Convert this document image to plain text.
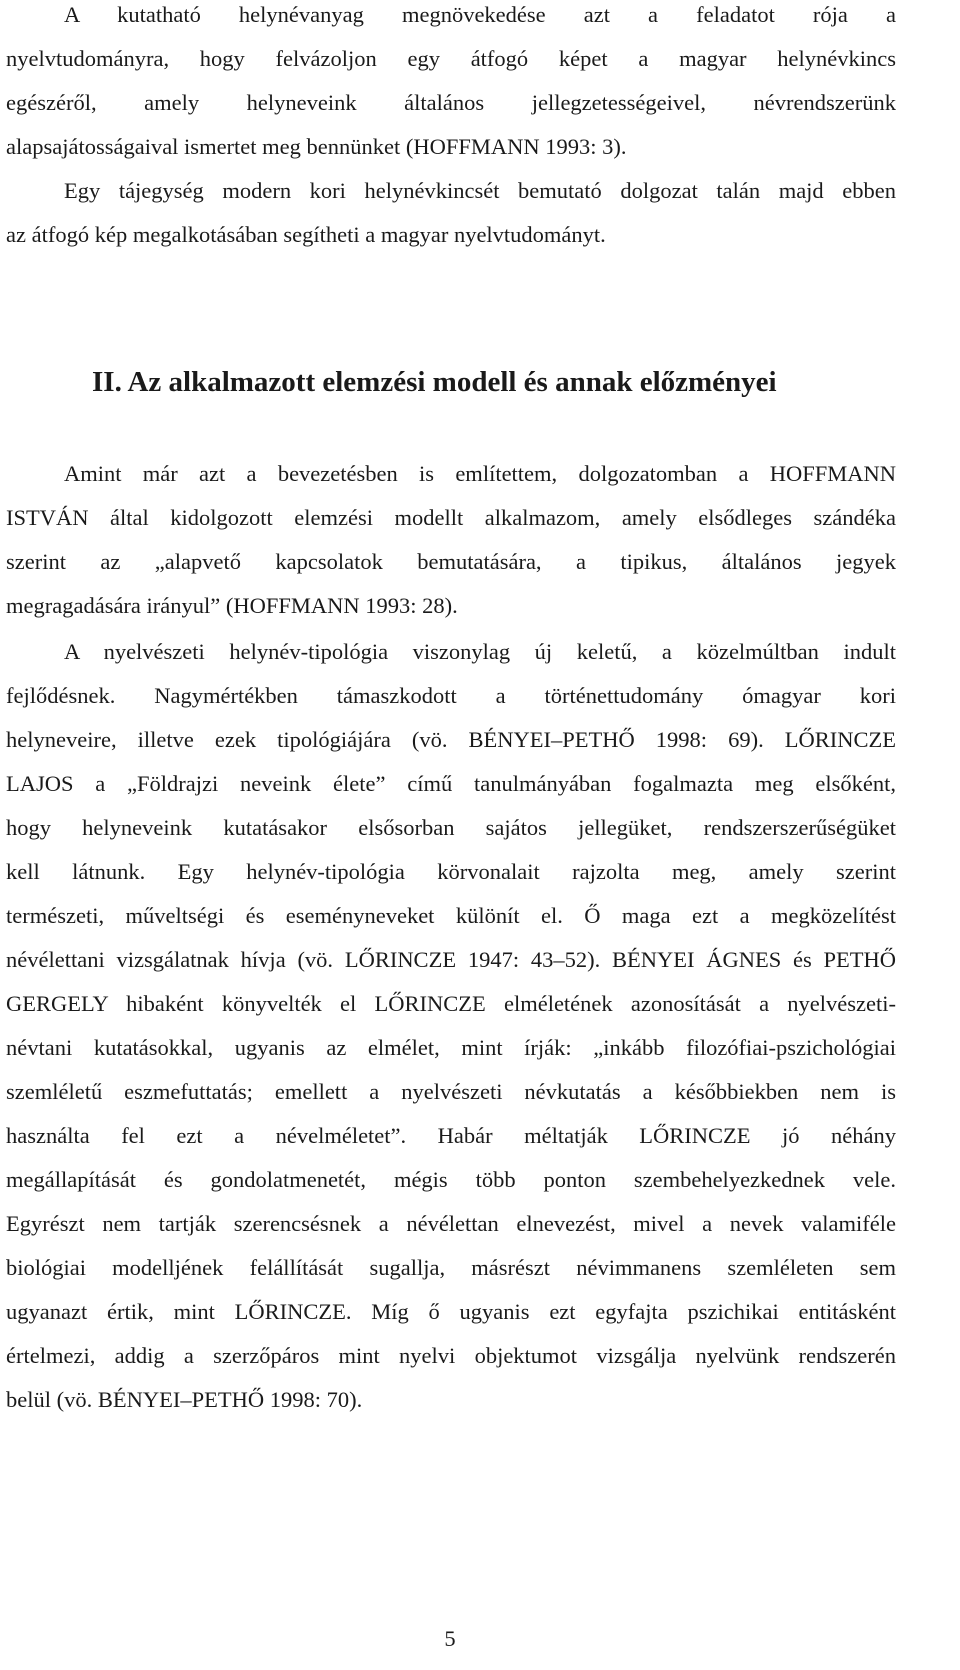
A kutatható helynévanyag megnövekedése azt a feladatot rója a
nyelvtudományra, hogy felvázoljon egy átfogó képet a magyar helynévkincs
egészéről, amely helyneveink általános jellegzetességeivel, névrendszerünk
alapsajátosságaival ismertet meg bennünket (HOFFMANN 1993: 3).
Egy tájegység modern kori helynévkincsét bemutató dolgozat talán majd ebben
az átfogó kép megalkotásában segítheti a magyar nyelvtudományt.
II. Az alkalmazott elemzési modell és annak előzményei
Amint már azt a bevezetésben is említettem, dolgozatomban a HOFFMANN
ISTVÁN által kidolgozott elemzési modellt alkalmazom, amely elsődleges szándéka
szerint az „alapvető kapcsolatok bemutatására, a tipikus, általános jegyek
megragadására irányul” (HOFFMANN 1993: 28).
A nyelvészeti helynév-tipológia viszonylag új keletű, a közelmúltban indult
fejlődésnek. Nagymértékben támaszkodott a történettudomány ómagyar kori
helyneveire, illetve ezek tipológiájára (vö. BÉNYEI–PETHŐ 1998: 69). LŐRINCZE
LAJOS a „Földrajzi neveink élete” című tanulmányában fogalmazta meg elsőként,
hogy helyneveink kutatásakor elsősorban sajátos jellegüket, rendszerszerűségüket
kell látnunk. Egy helynév-tipológia körvonalait rajzolta meg, amely szerint
természeti, műveltségi és eseményneveket különít el. Ő maga ezt a megközelítést
névélettani vizsgálatnak hívja (vö. LŐRINCZE 1947: 43–52). BÉNYEI ÁGNES és PETHŐ
GERGELY hibaként könyvelték el LŐRINCZE elméletének azonosítását a nyelvészeti-
névtani kutatásokkal, ugyanis az elmélet, mint írják: „inkább filozófiai-pszichológiai
szemléletű eszmefuttatás; emellett a nyelvészeti névkutatás a későbbiekben nem is
használta fel ezt a névelméletet”. Habár méltatják LŐRINCZE jó néhány
megállapítását és gondolatmenetét, mégis több ponton szembehelyezkednek vele.
Egyrészt nem tartják szerencsésnek a névélettan elnevezést, mivel a nevek valamiféle
biológiai modelljének felállítását sugallja, másrészt névimmanens szemléleten sem
ugyanazt értik, mint LŐRINCZE. Míg ő ugyanis ezt egyfajta pszichikai entitásként
értelmezi, addig a szerzőpáros mint nyelvi objektumot vizsgálja nyelvünk rendszerén
belül (vö. BÉNYEI–PETHŐ 1998: 70).
5
